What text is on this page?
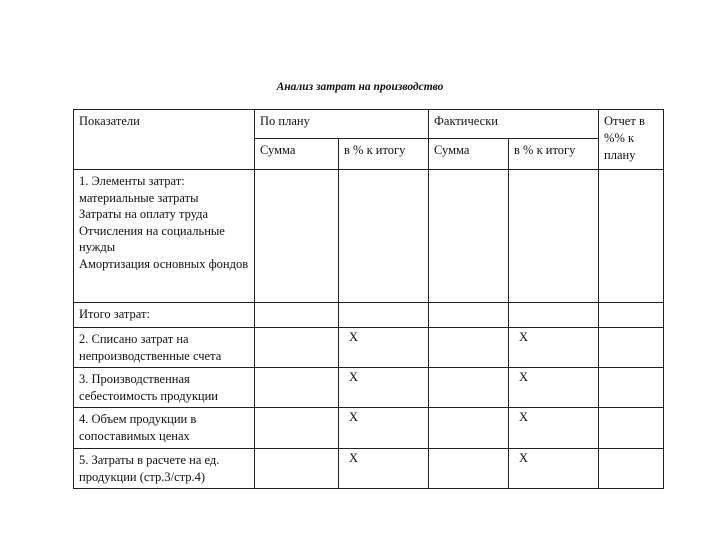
Анализ затрат на производство
Показатели	По плану		Фактически		Отчет в %% к плану
	Сумма	в % к итогу	Сумма	в % к итогу	

1. Элементы затрат:
материальные затраты
Затраты на оплату труда
Отчисления на социальные нужды
Амортизация основных фондов					

Итого затрат:					
2. Списано затрат на непроизводственные счета		Х		Х	
3. Производственная себестоимость продукции		Х		Х	
4. Объем продукции в сопоставимых ценах		Х		Х	
5. Затраты в расчете на ед. продукции (стр.3/стр.4)		Х		Х	
